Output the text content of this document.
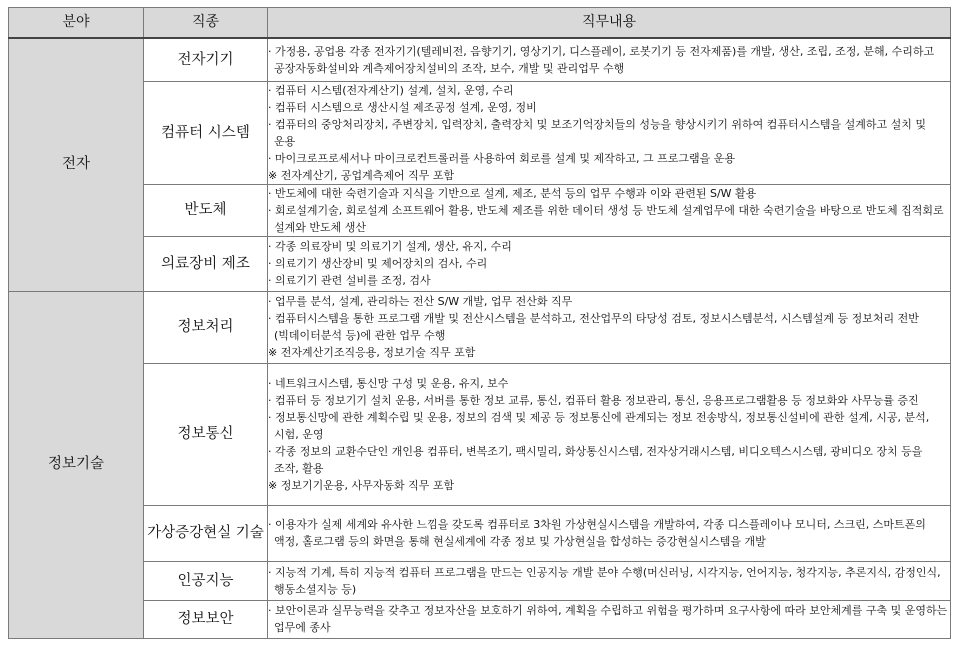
분야	직종	직무내용
전자	전자기기	· 가정용, 공업용 각종 전자기기(텔레비전, 음향기기, 영상기기, 디스플레이, 로봇기기 등 전자제품)를 개발, 생산, 조립, 조정, 분해, 수리하고 공장자동화설비와 계측제어장치설비의 조작, 보수, 개발 및 관리업무 수행

	컴퓨터 시스템	· 컴퓨터 시스템(전자계산기) 설계, 설치, 운영, 수리
· 컴퓨터 시스템으로 생산시설 제조공정 설계, 운영, 정비
· 컴퓨터의 중앙처리장치, 주변장치, 입력장치, 출력장치 및 보조기억장치들의 성능을 향상시키기 위하여 컴퓨터시스템을 설계하고 설치 및 운용
· 마이크로프로세서나 마이크로컨트롤러를 사용하여 회로를 설계 및 제작하고, 그 프로그램을 운용
※ 전자계산기, 공업계측제어 직무 포함

	반도체	· 반도체에 대한 숙련기술과 지식을 기반으로 설계, 제조, 분석 등의 업무 수행과 이와 관련된 S/W 활용
· 회로설계기술, 회로설계 소프트웨어 활용, 반도체 제조를 위한 데이터 생성 등 반도체 설계업무에 대한 숙련기술을 바탕으로 반도체 집적회로 설계와 반도체 생산

	의료장비 제조	· 각종 의료장비 및 의료기기 설계, 생산, 유지, 수리
· 의료기기 생산장비 및 제어장치의 검사, 수리
· 의료기기 관련 설비를 조정, 검사

정보기술	정보처리	· 업무를 분석, 설계, 관리하는 전산 S/W 개발, 업무 전산화 직무
· 컴퓨터시스템을 통한 프로그램 개발 및 전산시스템을 분석하고, 전산업무의 타당성 검토, 정보시스템분석, 시스템설계 등 정보처리 전반(빅데이터분석 등)에 관한 업무 수행
※ 전자계산기조직응용, 정보기술 직무 포함

	정보통신	· 네트워크시스템, 통신망 구성 및 운용, 유지, 보수
· 컴퓨터 등 정보기기 설치 운용, 서버를 통한 정보 교류, 통신, 컴퓨터 활용 정보관리, 통신, 응용프로그램활용 등 정보화와 사무능률 증진
· 정보통신망에 관한 계획수립 및 운용, 정보의 검색 및 제공 등 정보통신에 관계되는 정보 전송방식, 정보통신설비에 관한 설계, 시공, 분석, 시험, 운영
· 각종 정보의 교환수단인 개인용 컴퓨터, 변복조기, 팩시밀리, 화상통신시스템, 전자상거래시스템, 비디오텍스시스템, 광비디오 장치 등을 조작, 활용
※ 정보기기운용, 사무자동화 직무 포함

	가상증강현실 기술	· 이용자가 실제 세계와 유사한 느낌을 갖도록 컴퓨터로 3차원 가상현실시스템을 개발하여, 각종 디스플레이나 모니터, 스크린, 스마트폰의 액정, 홀로그램 등의 화면을 통해 현실세계에 각종 정보 및 가상현실을 합성하는 증강현실시스템을 개발

	인공지능	· 지능적 기계, 특히 지능적 컴퓨터 프로그램을 만드는 인공지능 개발 분야 수행(머신러닝, 시각지능, 언어지능, 청각지능, 추론지식, 감정인식, 행동소셜지능 등)

	정보보안	· 보안이론과 실무능력을 갖추고 정보자산을 보호하기 위하여, 계획을 수립하고 위험을 평가하며 요구사항에 따라 보안체계를 구축 및 운영하는 업무에 종사
